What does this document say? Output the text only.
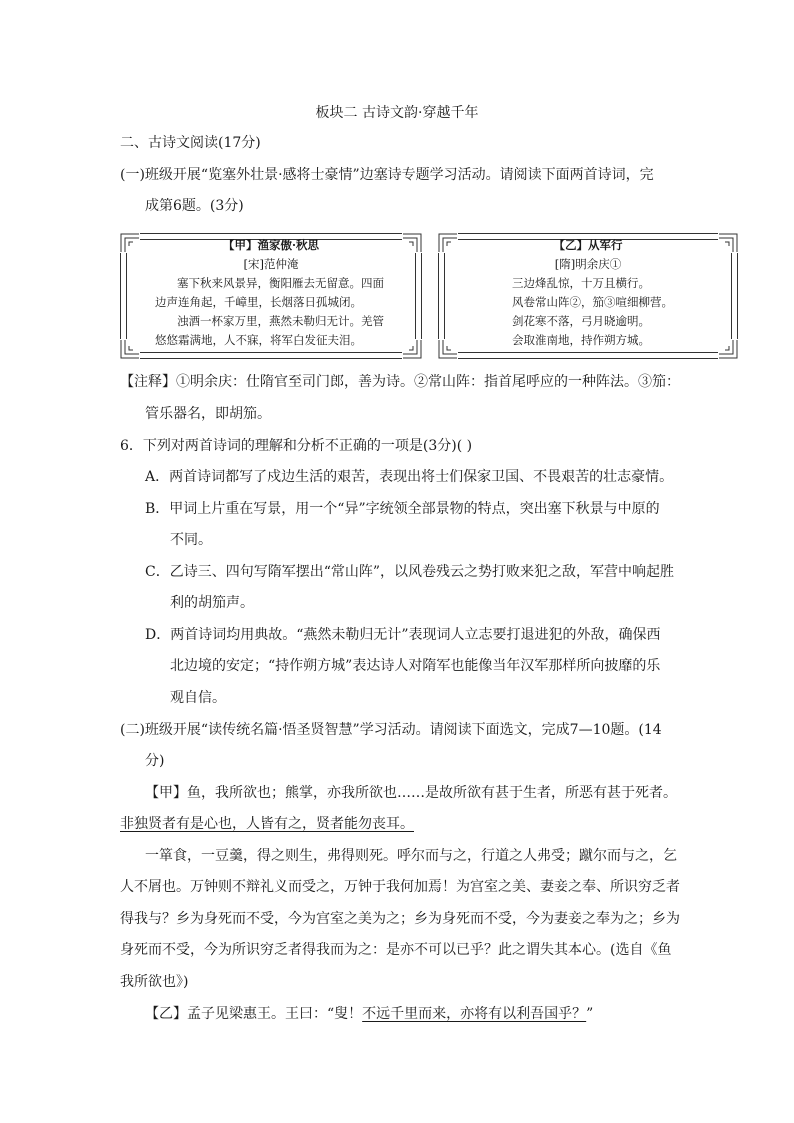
板块二 古诗文韵·穿越千年
二、古诗文阅读(17分)
(一)班级开展“览塞外壮景·感将士豪情”边塞诗专题学习活动。请阅读下面两首诗词，完
成第6题。(3分)
【甲】渔家傲·秋思
[宋]范仲淹
塞下秋来风景异，衡阳雁去无留意。四面
边声连角起，千嶂里，长烟落日孤城闭。
浊酒一杯家万里，燕然未勒归无计。羌管
悠悠霜满地，人不寐，将军白发征夫泪。
【乙】从军行
[隋]明余庆①
三边烽乱惊，十万且横行。
风卷常山阵②，笳③喧细柳营。
剑花寒不落，弓月晓逾明。
会取淮南地，持作朔方城。
【注释】①明余庆：仕隋官至司门郎，善为诗。②常山阵：指首尾呼应的一种阵法。③笳：
管乐器名，即胡笳。
6．下列对两首诗词的理解和分析不正确的一项是(3分)( )
A．两首诗词都写了戍边生活的艰苦，表现出将士们保家卫国、不畏艰苦的壮志豪情。
B．甲词上片重在写景，用一个“异”字统领全部景物的特点，突出塞下秋景与中原的
不同。
C．乙诗三、四句写隋军摆出“常山阵”，以风卷残云之势打败来犯之敌，军营中响起胜
利的胡笳声。
D．两首诗词均用典故。“燕然未勒归无计”表现词人立志要打退进犯的外敌，确保西
北边境的安定；“持作朔方城”表达诗人对隋军也能像当年汉军那样所向披靡的乐
观自信。
(二)班级开展“读传统名篇·悟圣贤智慧”学习活动。请阅读下面选文，完成7—10题。(14
分)
【甲】鱼，我所欲也；熊掌，亦我所欲也……是故所欲有甚于生者，所恶有甚于死者。
非独贤者有是心也，人皆有之，贤者能勿丧耳。
一箪食，一豆羹，得之则生，弗得则死。呼尔而与之，行道之人弗受；蹴尔而与之，乞
人不屑也。万钟则不辩礼义而受之，万钟于我何加焉！为宫室之美、妻妾之奉、所识穷乏者
得我与？乡为身死而不受，今为宫室之美为之；乡为身死而不受，今为妻妾之奉为之；乡为
身死而不受，今为所识穷乏者得我而为之：是亦不可以已乎？此之谓失其本心。(选自《鱼
我所欲也》)
【乙】孟子见梁惠王。王曰：“叟！不远千里而来，亦将有以利吾国乎？”
